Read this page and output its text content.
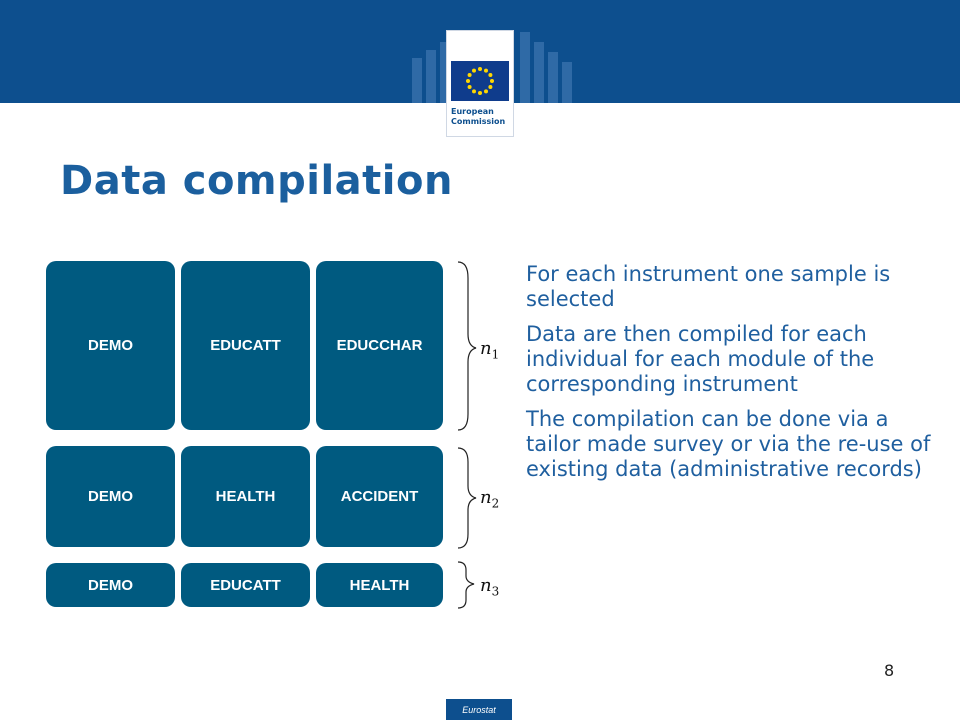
European
Commission
Data compilation
DEMO	EDUCATT	EDUCCHAR
DEMO	HEALTH	ACCIDENT
DEMO	EDUCATT	HEALTH
$n_1$
$n_2$
$n_3$

For each instrument one sample is selected

Data are then compiled for each individual for each module of the corresponding instrument

The compilation can be done via a tailor made survey or via the re-use of existing data (administrative records)

8
Eurostat
